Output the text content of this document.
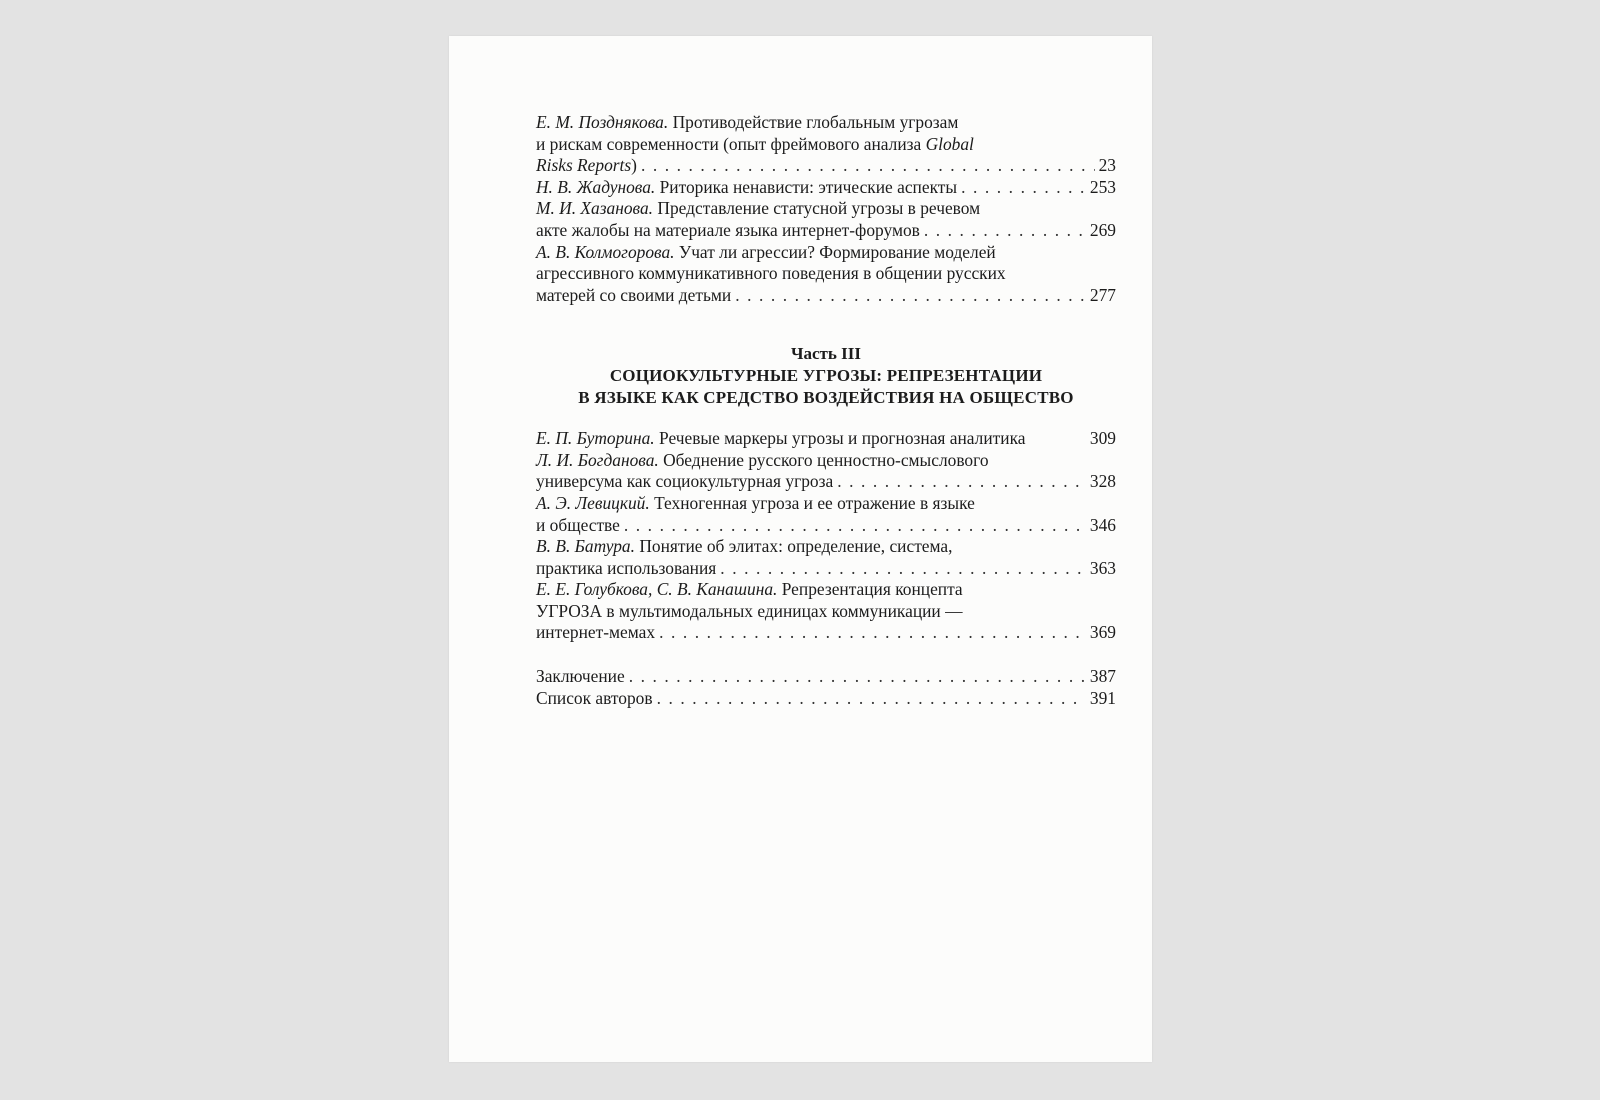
Е. М. Позднякова. Противодействие глобальным угрозам
и рискам современности (опыт фреймового анализа Global
Risks Reports) . . .	23
Н. В. Жадунова. Риторика ненависти: этические аспекты . . .	253
М. И. Хазанова. Представление статусной угрозы в речевом
акте жалобы на материале языка интернет-форумов . . .	269
А. В. Колмогорова. Учат ли агрессии? Формирование моделей
агрессивного коммуникативного поведения в общении русских
матерей со своими детьми . . .	277
Часть III
СОЦИОКУЛЬТУРНЫЕ УГРОЗЫ: РЕПРЕЗЕНТАЦИИ
В ЯЗЫКЕ КАК СРЕДСТВО ВОЗДЕЙСТВИЯ НА ОБЩЕСТВО
Е. П. Буторина. Речевые маркеры угрозы и прогнозная аналитика	309
Л. И. Богданова. Обеднение русского ценностно-смыслового
универсума как социокультурная угроза . . .	328
А. Э. Левицкий. Техногенная угроза и ее отражение в языке
и обществе . . .	346
В. В. Батура. Понятие об элитах: определение, система,
практика использования . . .	363
Е. Е. Голубкова, С. В. Канашина. Репрезентация концепта
УГРОЗА в мультимодальных единицах коммуникации —
интернет-мемах . . .	369
Заключение . . .	387
Список авторов . . .	391
